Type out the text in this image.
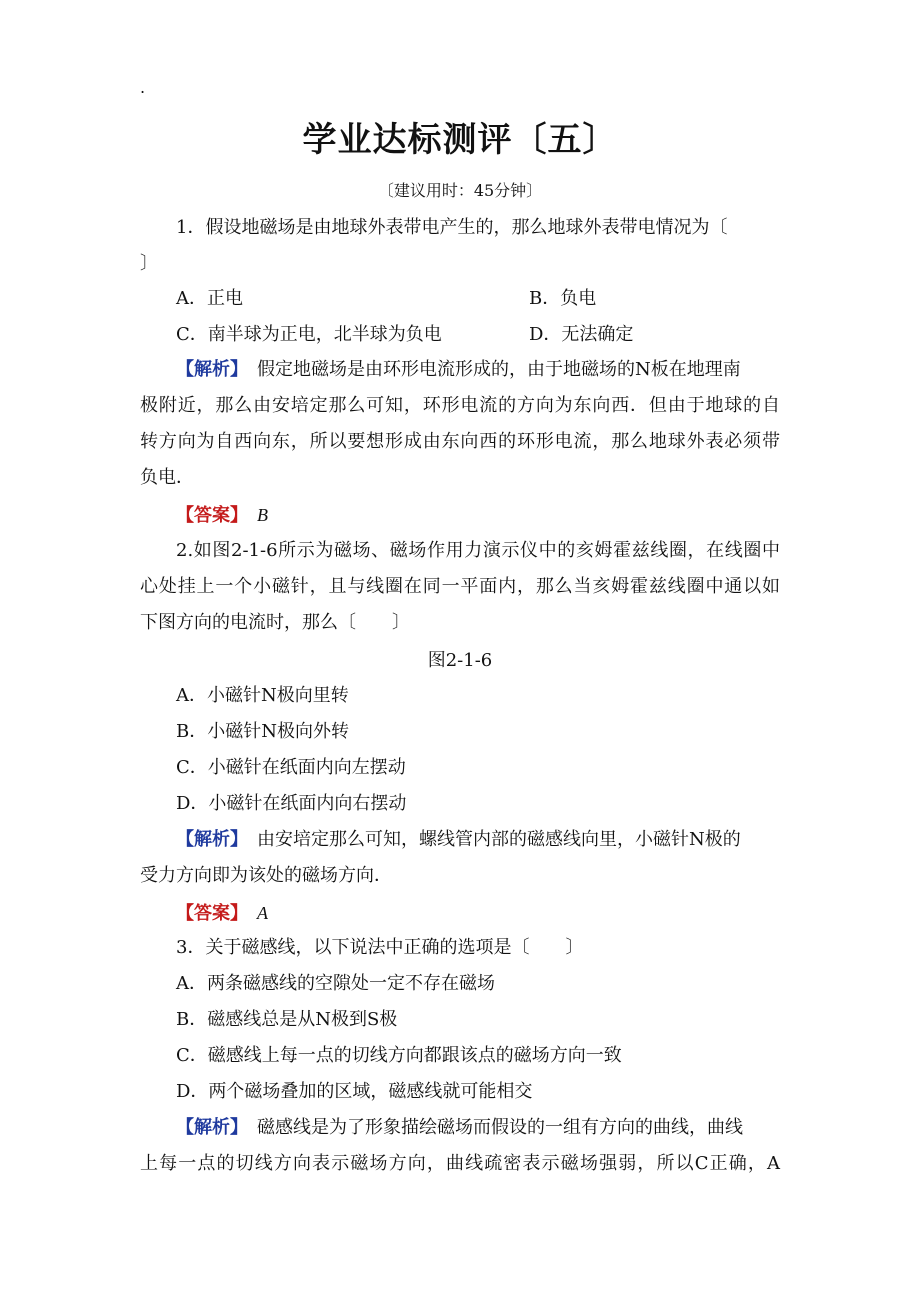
.
学业达标测评〔五〕
〔建议用时：45分钟〕
1．假设地磁场是由地球外表带电产生的，那么地球外表带电情况为〔
〕
A．正电	B．负电
C．南半球为正电，北半球为负电	D．无法确定
【解析】　 假定地磁场是由环形电流形成的，由于地磁场的N板在地理南
极附近，那么由安培定那么可知，环形电流的方向为东向西．但由于地球的自
转方向为自西向东，所以要想形成由东向西的环形电流，那么地球外表必须带
负电．
【答案】　 B
2.如图2-1-6所示为磁场、磁场作用力演示仪中的亥姆霍兹线圈，在线圈中
心处挂上一个小磁针，且与线圈在同一平面内，那么当亥姆霍兹线圈中通以如
下图方向的电流时，那么〔　　〕
图2-1-6
A．小磁针N极向里转
B．小磁针N极向外转
C．小磁针在纸面内向左摆动
D．小磁针在纸面内向右摆动
【解析】　 由安培定那么可知，螺线管内部的磁感线向里，小磁针N极的
受力方向即为该处的磁场方向．
【答案】　 A
3．关于磁感线，以下说法中正确的选项是〔　　〕
A．两条磁感线的空隙处一定不存在磁场
B．磁感线总是从N极到S极
C．磁感线上每一点的切线方向都跟该点的磁场方向一致
D．两个磁场叠加的区域，磁感线就可能相交
【解析】　 磁感线是为了形象描绘磁场而假设的一组有方向的曲线，曲线
上每一点的切线方向表示磁场方向，曲线疏密表示磁场强弱，所以C正确，A
